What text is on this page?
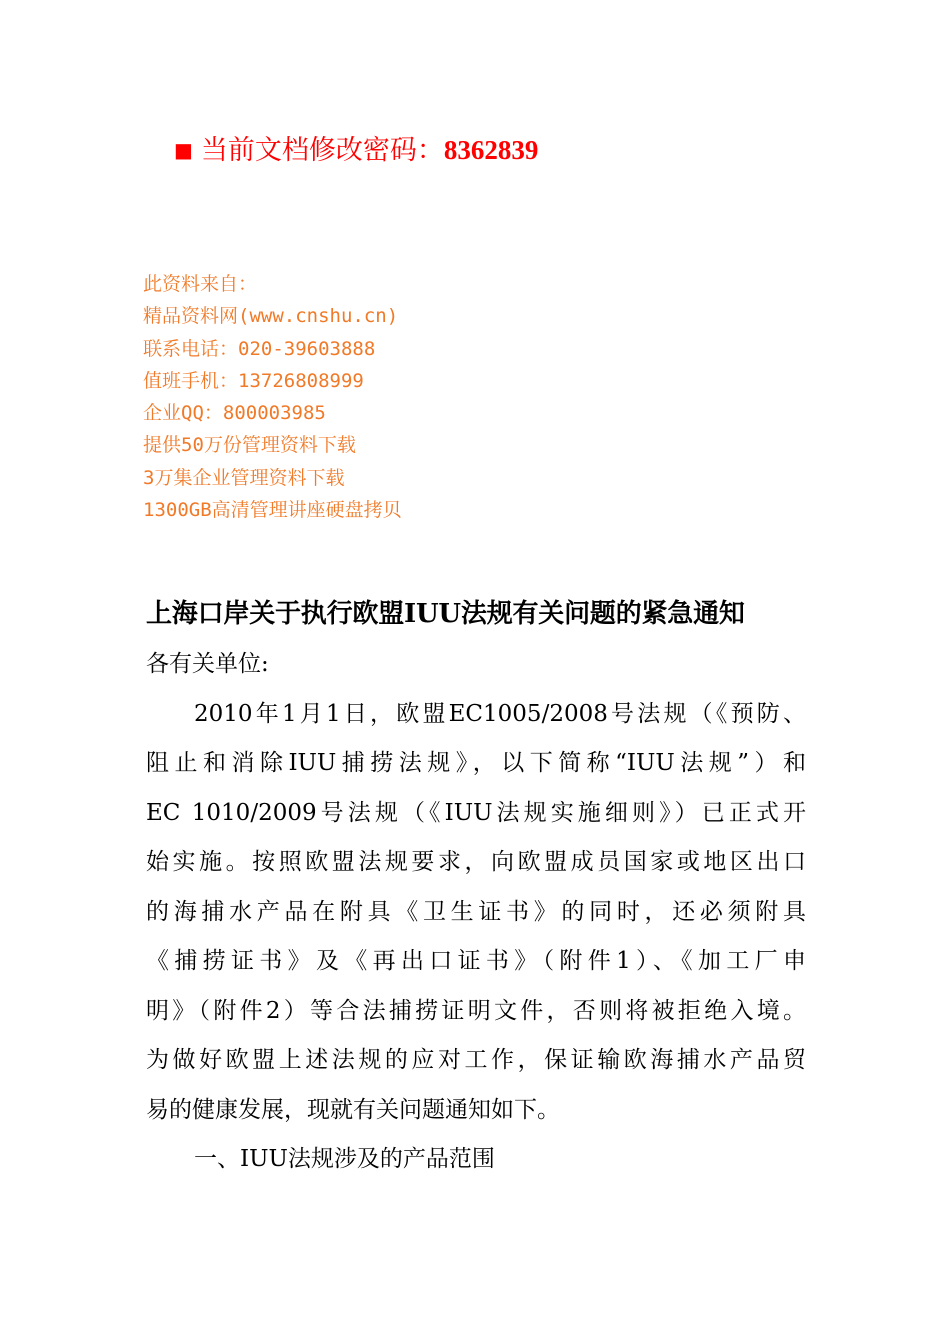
■ 当前文档修改密码：8362839
此资料来自：
精品资料网(www.cnshu.cn)
联系电话：020-39603888
值班手机：13726808999
企业QQ：800003985
提供50万份管理资料下载
3万集企业管理资料下载
1300GB高清管理讲座硬盘拷贝
上海口岸关于执行欧盟IUU法规有关问题的紧急通知
各有关单位:
2010年1月1日，欧盟EC1005/2008号法规（《预防、
阻止和消除IUU捕捞法规》，以下简称“IUU法规”）和
EC 1010/2009号法规（《IUU法规实施细则》）已正式开
始实施。按照欧盟法规要求，向欧盟成员国家或地区出口
的海捕水产品在附具《卫生证书》的同时，还必须附具
《捕捞证书》及《再出口证书》（附件1）、《加工厂申
明》（附件2）等合法捕捞证明文件，否则将被拒绝入境。
为做好欧盟上述法规的应对工作，保证输欧海捕水产品贸
易的健康发展，现就有关问题通知如下。
一、IUU法规涉及的产品范围
